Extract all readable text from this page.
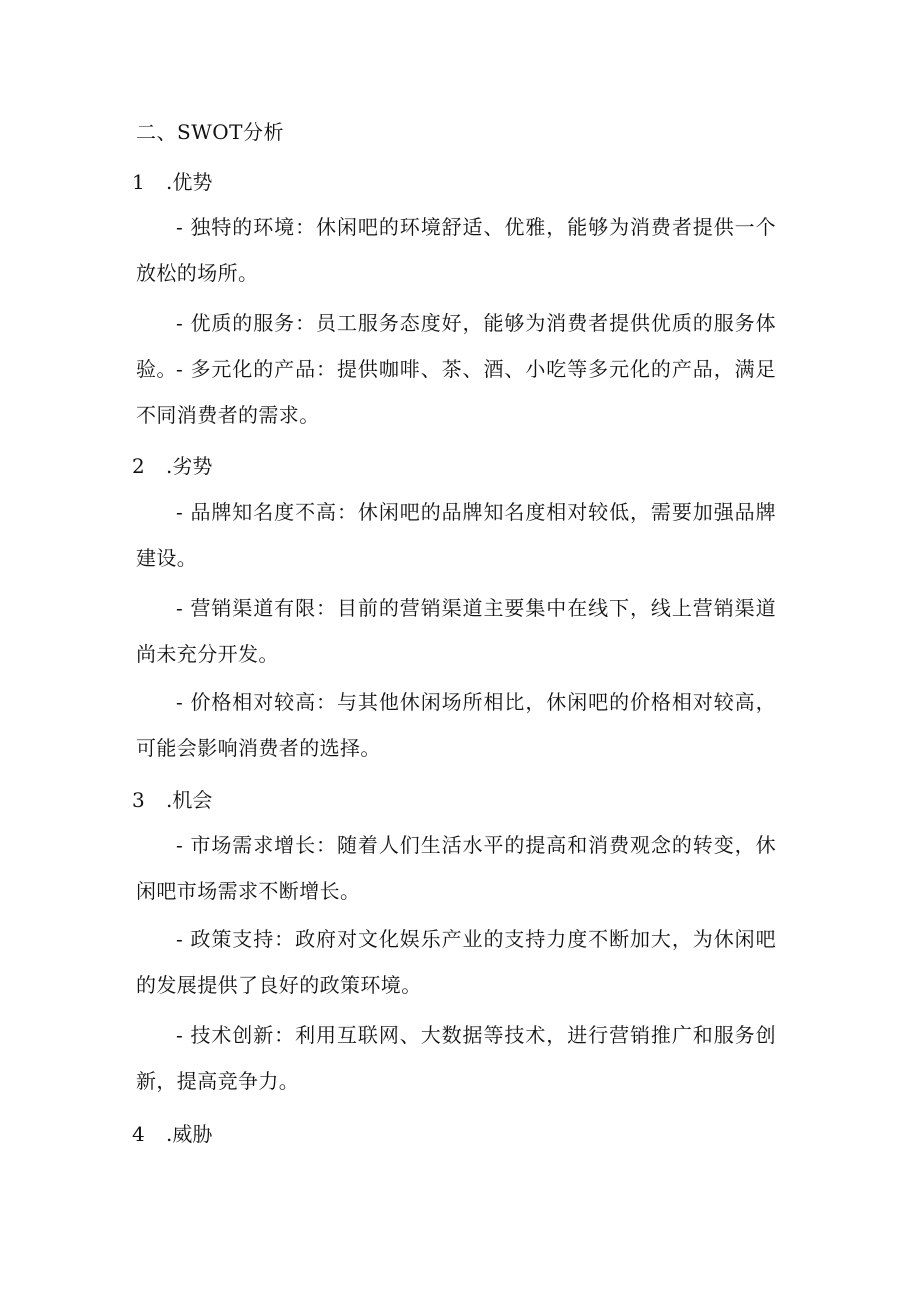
二、SWOT分析

1 .优势

- 独特的环境：休闲吧的环境舒适、优雅，能够为消费者提供一个放松的场所。

- 优质的服务：员工服务态度好，能够为消费者提供优质的服务体验。 - 多元化的产品：提供咖啡、茶、酒、小吃等多元化的产品，满足不同消费者的需求。

2 .劣势

- 品牌知名度不高：休闲吧的品牌知名度相对较低，需要加强品牌建设。

- 营销渠道有限：目前的营销渠道主要集中在线下，线上营销渠道尚未充分开发。

- 价格相对较高：与其他休闲场所相比，休闲吧的价格相对较高，可能会影响消费者的选择。

3 .机会

- 市场需求增长：随着人们生活水平的提高和消费观念的转变，休闲吧市场需求不断增长。

- 政策支持：政府对文化娱乐产业的支持力度不断加大，为休闲吧的发展提供了良好的政策环境。

- 技术创新：利用互联网、大数据等技术，进行营销推广和服务创新，提高竞争力。

4 .威胁
